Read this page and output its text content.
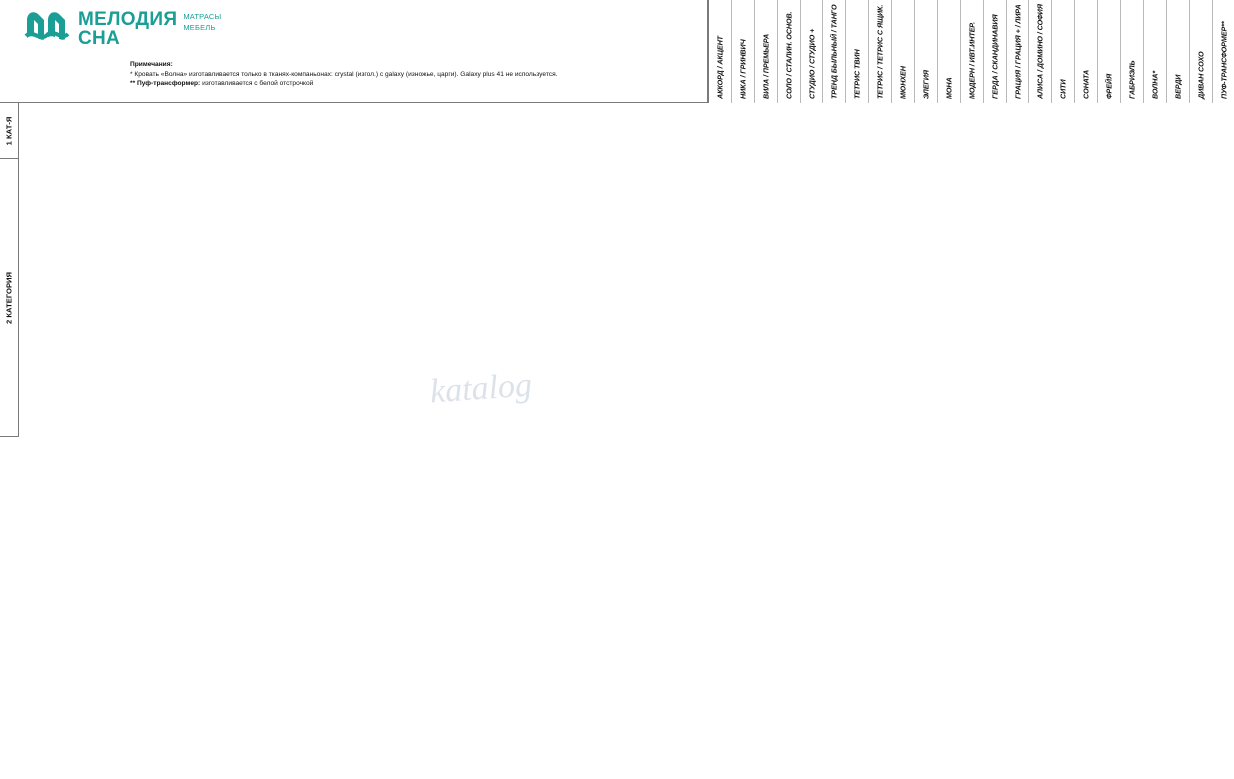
МЕЛОДИЯ
СНА
МАТРАСЫ
МЕБЕЛЬ
Примечания:
* Кровать «Волна» изготавливается только в тканях-компаньонах: crystal (изгол.) с galaxy (изножье, царги). Galaxy plus 41 не используется.
** Пуф-трансформер: изготавливается с белой отстрочкой	АККОРД / АКЦЕНТ НИКА / ГРИНВИЧ ВИЛА / ПРЕМЬЕРА СОЛО / СТАЛИН. ОСНОВ. СТУДИО / СТУДИО + ТРЕНД БЫЛЬНЫЙ / ТАНГО ТЕТРИС ТВИН ТЕТРИС / ТЕТРИС С ЯЩИК. МЮНХЕН ЭЛЕГИЯ МОНА МОДЕРН / ИВТ.ИНТЕР. ГЕРДА / СКАНДИНАВИЯ ГРАЦИЯ / ГРАЦИЯ + / ЛИРА АЛИСА / ДОМИНО / СОФИЯ СИТИ СОНАТА ФРЕЙЯ ГАБРИЭЛЬ ВОЛНА* ВЕРДИ ДИВАН СОХО ПУФ-ТРАНСФОРМЕР**
1 КАТ-Я
2 КАТЕГОРИЯ
katalog
